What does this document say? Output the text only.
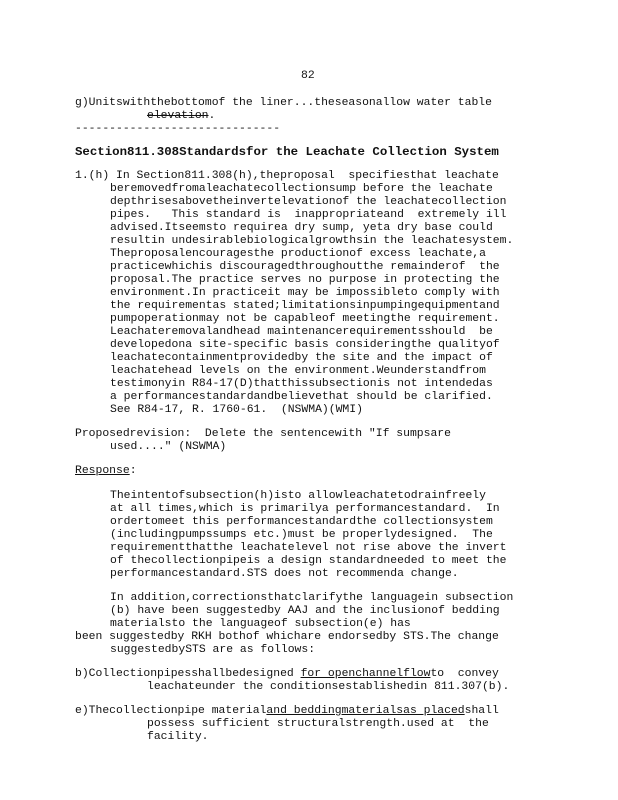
82
g)Unitswiththebottomof the liner...theseasonallow water table
elevation.
------------------------------
Section811.308Standardsfor the Leachate Collection System
1.(h) In Section811.308(h),theproposal  specifiesthat leachate
beremovedfromaleachatecollectionsump before the leachate
depthrisesabovetheinvertelevationof the leachatecollection
pipes.   This standard is  inappropriateand  extremely ill
advised.Itseemsto requirea dry sump, yeta dry base could
resultin undesirablebiologicalgrowthsin the leachatesystem.
Theproposalencouragesthe productionof excess leachate,a
practicewhichis discouragedthroughoutthe remainderof  the
proposal.The practice serves no purpose in protecting the
environment.In practiceit may be impossibleto comply with
the requirementas stated;limitationsinpumpingequipmentand
pumpoperationmay not be capableof meetingthe requirement.
Leachateremovalandhead maintenancerequirementsshould  be
developedona site-specific basis consideringthe qualityof
leachatecontainmentprovidedby the site and the impact of
leachatehead levels on the environment.Weunderstandfrom
testimonyin R84-17(D)thatthissubsectionis not intendedas
a performancestandardandbelievethat should be clarified.
See R84-17, R. 1760-61.  (NSWMA)(WMI)
Proposedrevision:  Delete the sentencewith "If sumpsare
used...." (NSWMA)
Response:
Theintentofsubsection(h)isto allowleachatetodrainfreely
at all times,which is primarilya performancestandard.  In
ordertomeet this performancestandardthe collectionsystem
(includingpumpssumps etc.)must be properlydesigned.  The
requirementthatthe leachatelevel not rise above the invert
of thecollectionpipeis a design standardneeded to meet the
performancestandard.STS does not recommenda change.
In addition,correctionsthatclarifythe languagein subsection
(b) have been suggestedby AAJ and the inclusionof bedding
materialsto the languageof subsection(e) has
been suggestedby RKH bothof whichare endorsedby STS.The change
suggestedbySTS are as follows:
b)Collectionpipesshallbedesigned for openchannelflowto  convey
leachateunder the conditionsestablishedin 811.307(b).
e)Thecollectionpipe materialand beddingmaterialsas placedshall
possess sufficient structuralstrength.used at  the
facility.
